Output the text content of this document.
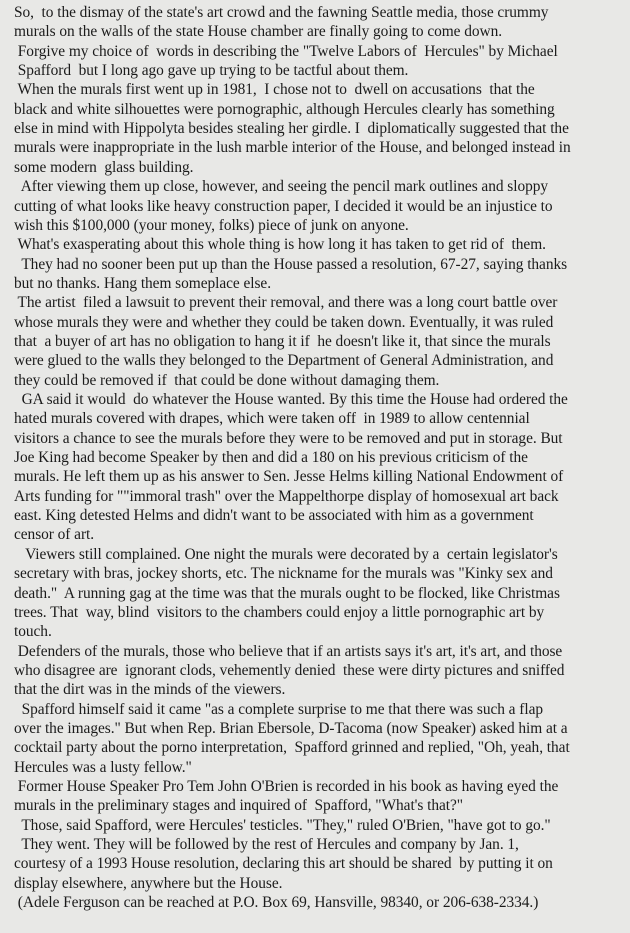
So,  to the dismay of the state's art crowd and the fawning Seattle media, those crummy
murals on the walls of the state House chamber are finally going to come down.
Forgive my choice of  words in describing the "Twelve Labors of  Hercules" by Michael
Spafford  but I long ago gave up trying to be tactful about them.
When the murals first went up in 1981,  I chose not to  dwell on accusations  that the
black and white silhouettes were pornographic, although Hercules clearly has something
else in mind with Hippolyta besides stealing her girdle. I  diplomatically suggested that the
murals were inappropriate in the lush marble interior of the House, and belonged instead in
some modern  glass building.
After viewing them up close, however, and seeing the pencil mark outlines and sloppy
cutting of what looks like heavy construction paper, I decided it would be an injustice to
wish this $100,000 (your money, folks) piece of junk on anyone.
What's exasperating about this whole thing is how long it has taken to get rid of  them.
They had no sooner been put up than the House passed a resolution, 67-27, saying thanks
but no thanks. Hang them someplace else.
The artist  filed a lawsuit to prevent their removal, and there was a long court battle over
whose murals they were and whether they could be taken down. Eventually, it was ruled
that  a buyer of art has no obligation to hang it if  he doesn't like it, that since the murals
were glued to the walls they belonged to the Department of General Administration, and
they could be removed if  that could be done without damaging them.
GA said it would  do whatever the House wanted. By this time the House had ordered the
hated murals covered with drapes, which were taken off  in 1989 to allow centennial
visitors a chance to see the murals before they were to be removed and put in storage. But
Joe King had become Speaker by then and did a 180 on his previous criticism of the
murals. He left them up as his answer to Sen. Jesse Helms killing National Endowment of
Arts funding for ""immoral trash" over the Mappelthorpe display of homosexual art back
east. King detested Helms and didn't want to be associated with him as a government
censor of art.
Viewers still complained. One night the murals were decorated by a  certain legislator's
secretary with bras, jockey shorts, etc. The nickname for the murals was "Kinky sex and
death."  A running gag at the time was that the murals ought to be flocked, like Christmas
trees. That  way, blind  visitors to the chambers could enjoy a little pornographic art by
touch.
Defenders of the murals, those who believe that if an artists says it's art, it's art, and those
who disagree are  ignorant clods, vehemently denied  these were dirty pictures and sniffed
that the dirt was in the minds of the viewers.
Spafford himself said it came "as a complete surprise to me that there was such a flap
over the images." But when Rep. Brian Ebersole, D-Tacoma (now Speaker) asked him at a
cocktail party about the porno interpretation,  Spafford grinned and replied, "Oh, yeah, that
Hercules was a lusty fellow."
Former House Speaker Pro Tem John O'Brien is recorded in his book as having eyed the
murals in the preliminary stages and inquired of  Spafford, "What's that?"
Those, said Spafford, were Hercules' testicles. "They," ruled O'Brien, "have got to go."
They went. They will be followed by the rest of Hercules and company by Jan. 1,
courtesy of a 1993 House resolution, declaring this art should be shared  by putting it on
display elsewhere, anywhere but the House.
(Adele Ferguson can be reached at P.O. Box 69, Hansville, 98340, or 206-638-2334.)
